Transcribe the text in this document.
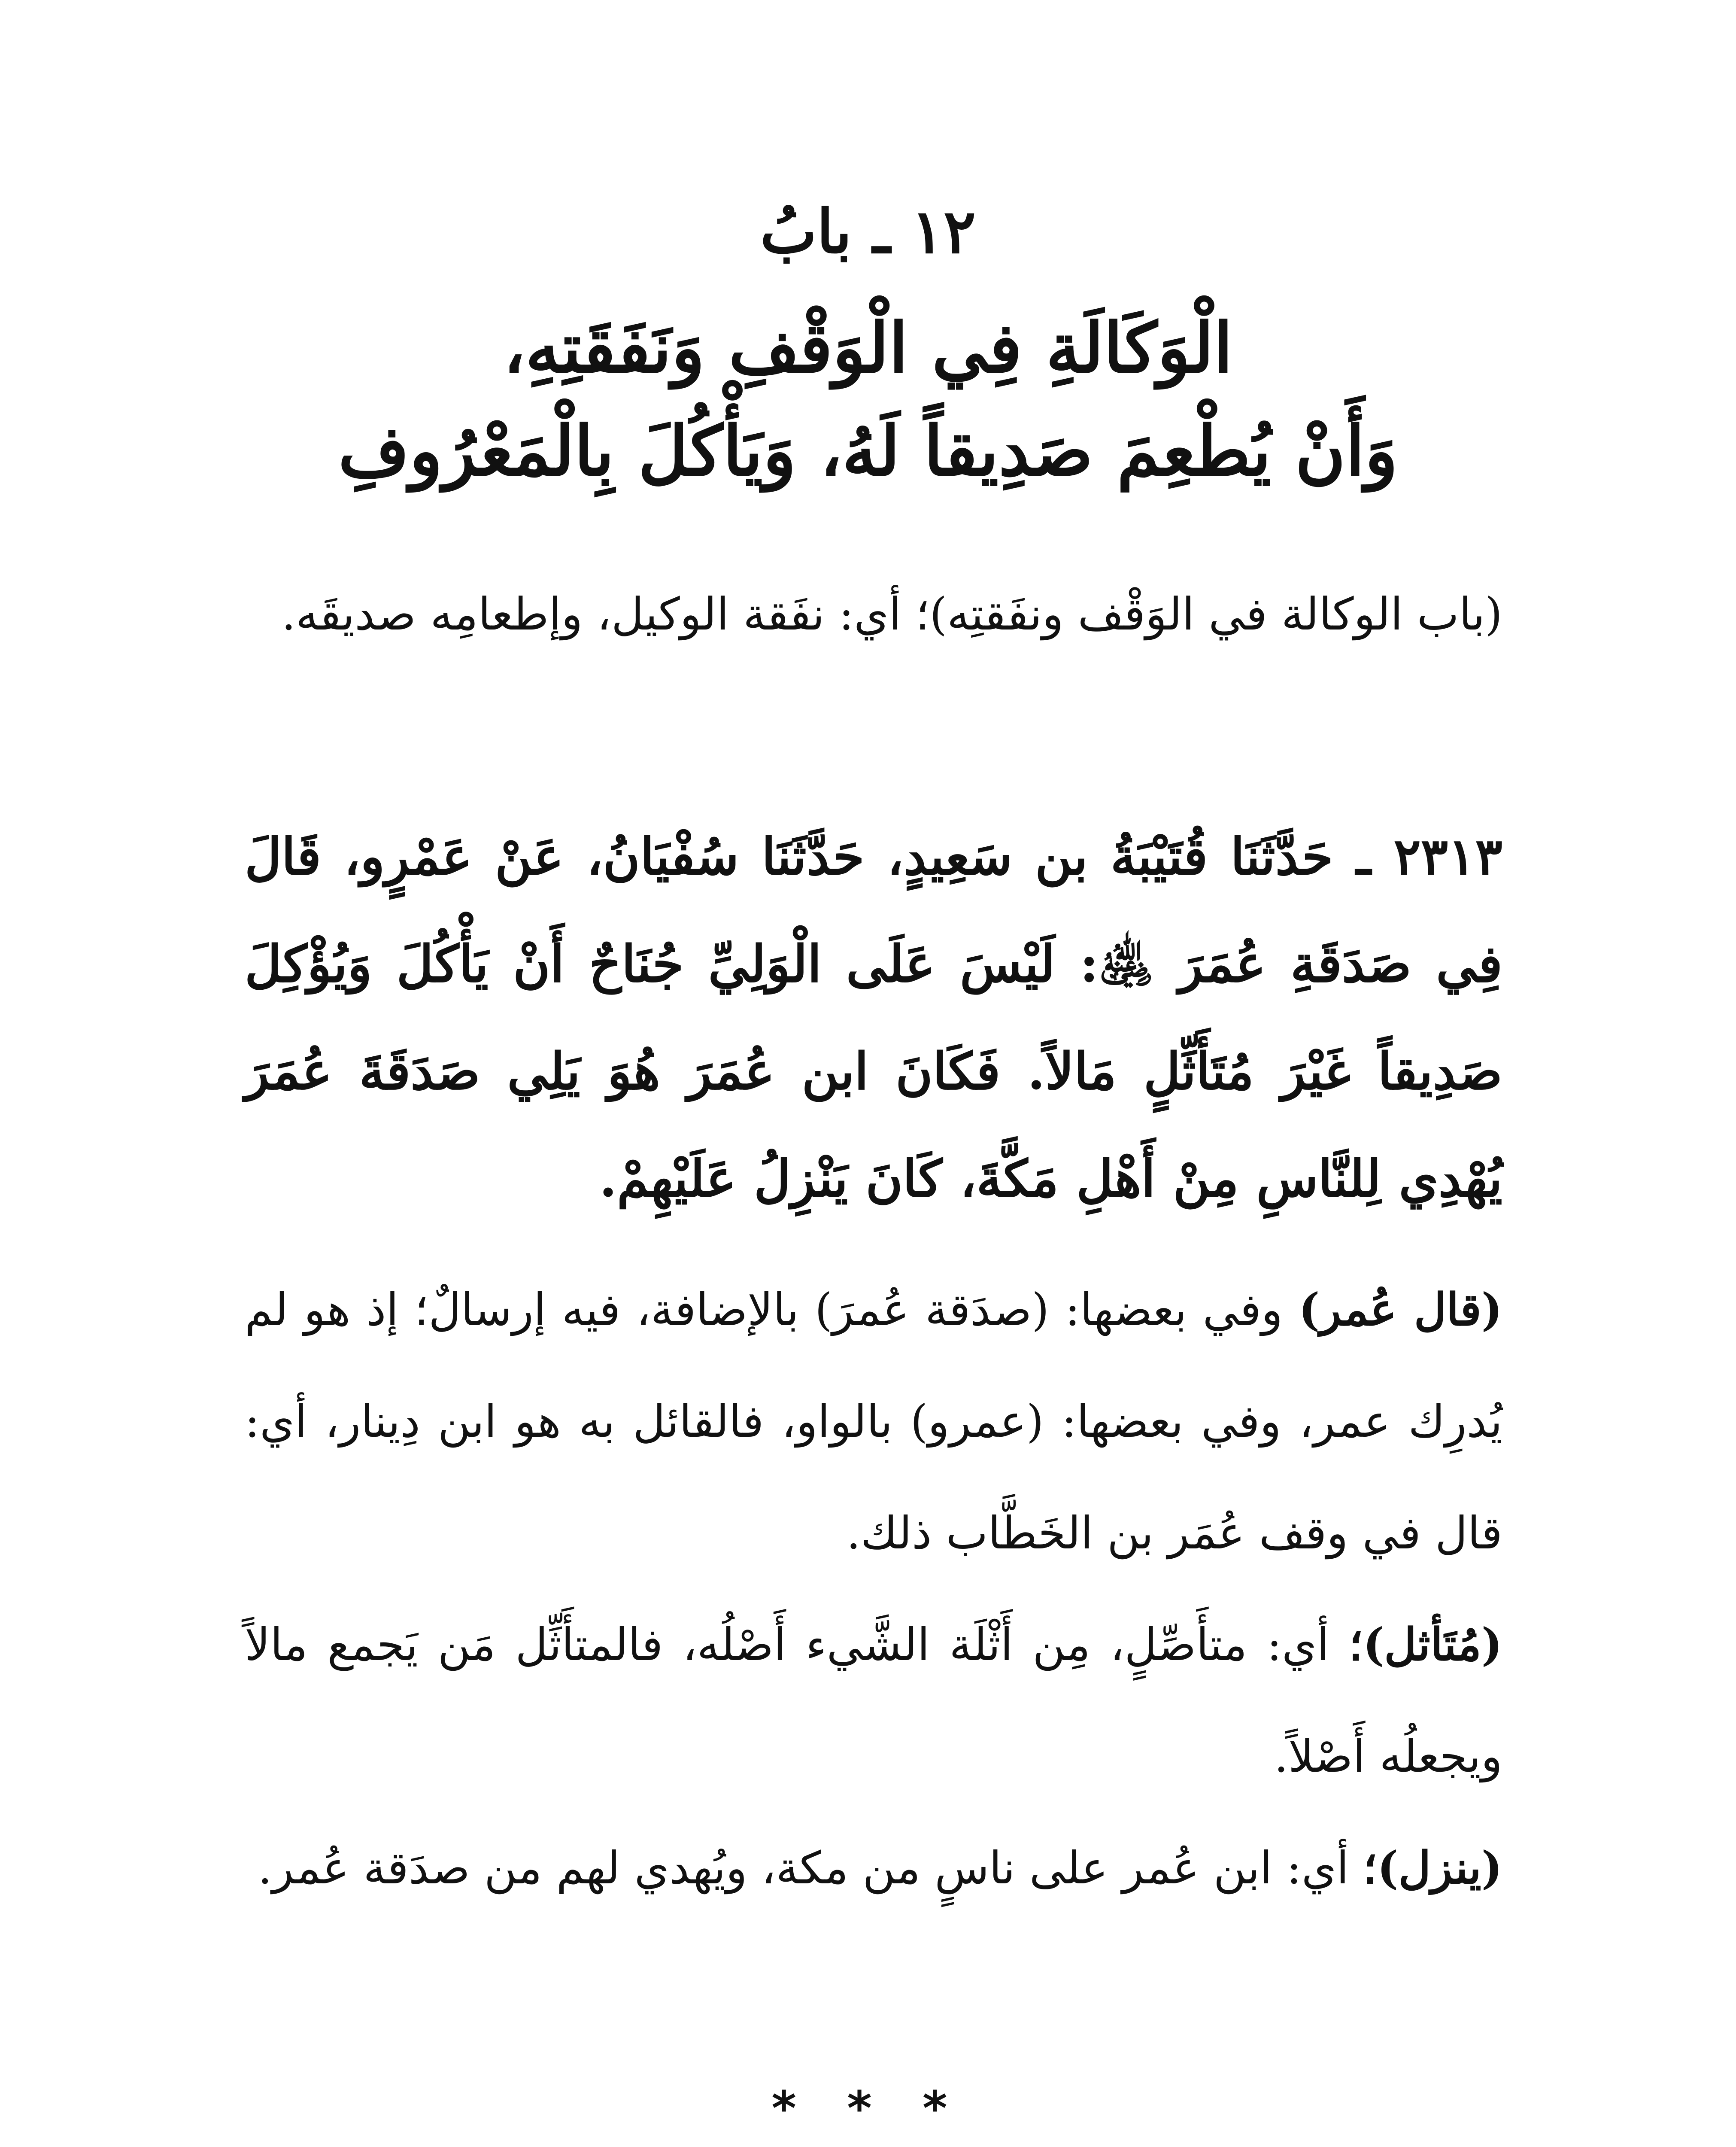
١٢ ـ بابُ
الْوَكَالَةِ فِي الْوَقْفِ وَنَفَقَتِهِ،
وَأَنْ يُطْعِمَ صَدِيقاً لَهُ، وَيَأْكُلَ بِالْمَعْرُوفِ
(باب الوكالة في الوَقْف ونفَقتِه)؛ أي: نفَقة الوكيل، وإطعامِه صديقَه.
٢٣١٣ ـ حَدَّثَنَا قُتَيْبَةُ بن سَعِيدٍ، حَدَّثَنَا سُفْيَانُ، عَنْ عَمْرٍو، قَالَ فِي صَدَقَةِ عُمَرَ ﵁: لَيْسَ عَلَى الْوَلِيِّ جُنَاحٌ أَنْ يَأْكُلَ وَيُؤْكِلَ صَدِيقاً غَيْرَ مُتَأَثِّلٍ مَالاً. فَكَانَ ابن عُمَرَ هُوَ يَلِي صَدَقَةَ عُمَرَ يُهْدِي لِلنَّاسِ مِنْ أَهْلِ مَكَّةَ، كَانَ يَنْزِلُ عَلَيْهِمْ.
(قال عُمر) وفي بعضها: (صدَقة عُمرَ) بالإضافة، فيه إرسالٌ؛ إذ هو لم يُدرِك عمر، وفي بعضها: (عمرو) بالواو، فالقائل به هو ابن دِينار، أي: قال في وقف عُمَر بن الخَطَّاب ذلك.
(مُتَأثل)؛ أي: متأَصِّلٍ، مِن أَثْلَة الشَّيء أَصْلُه، فالمتأَثِّل مَن يَجمع مالاً ويجعلُه أَصْلاً.
(ينزل)؛ أي: ابن عُمر على ناسٍ من مكة، ويُهدي لهم من صدَقة عُمر.
* * *
